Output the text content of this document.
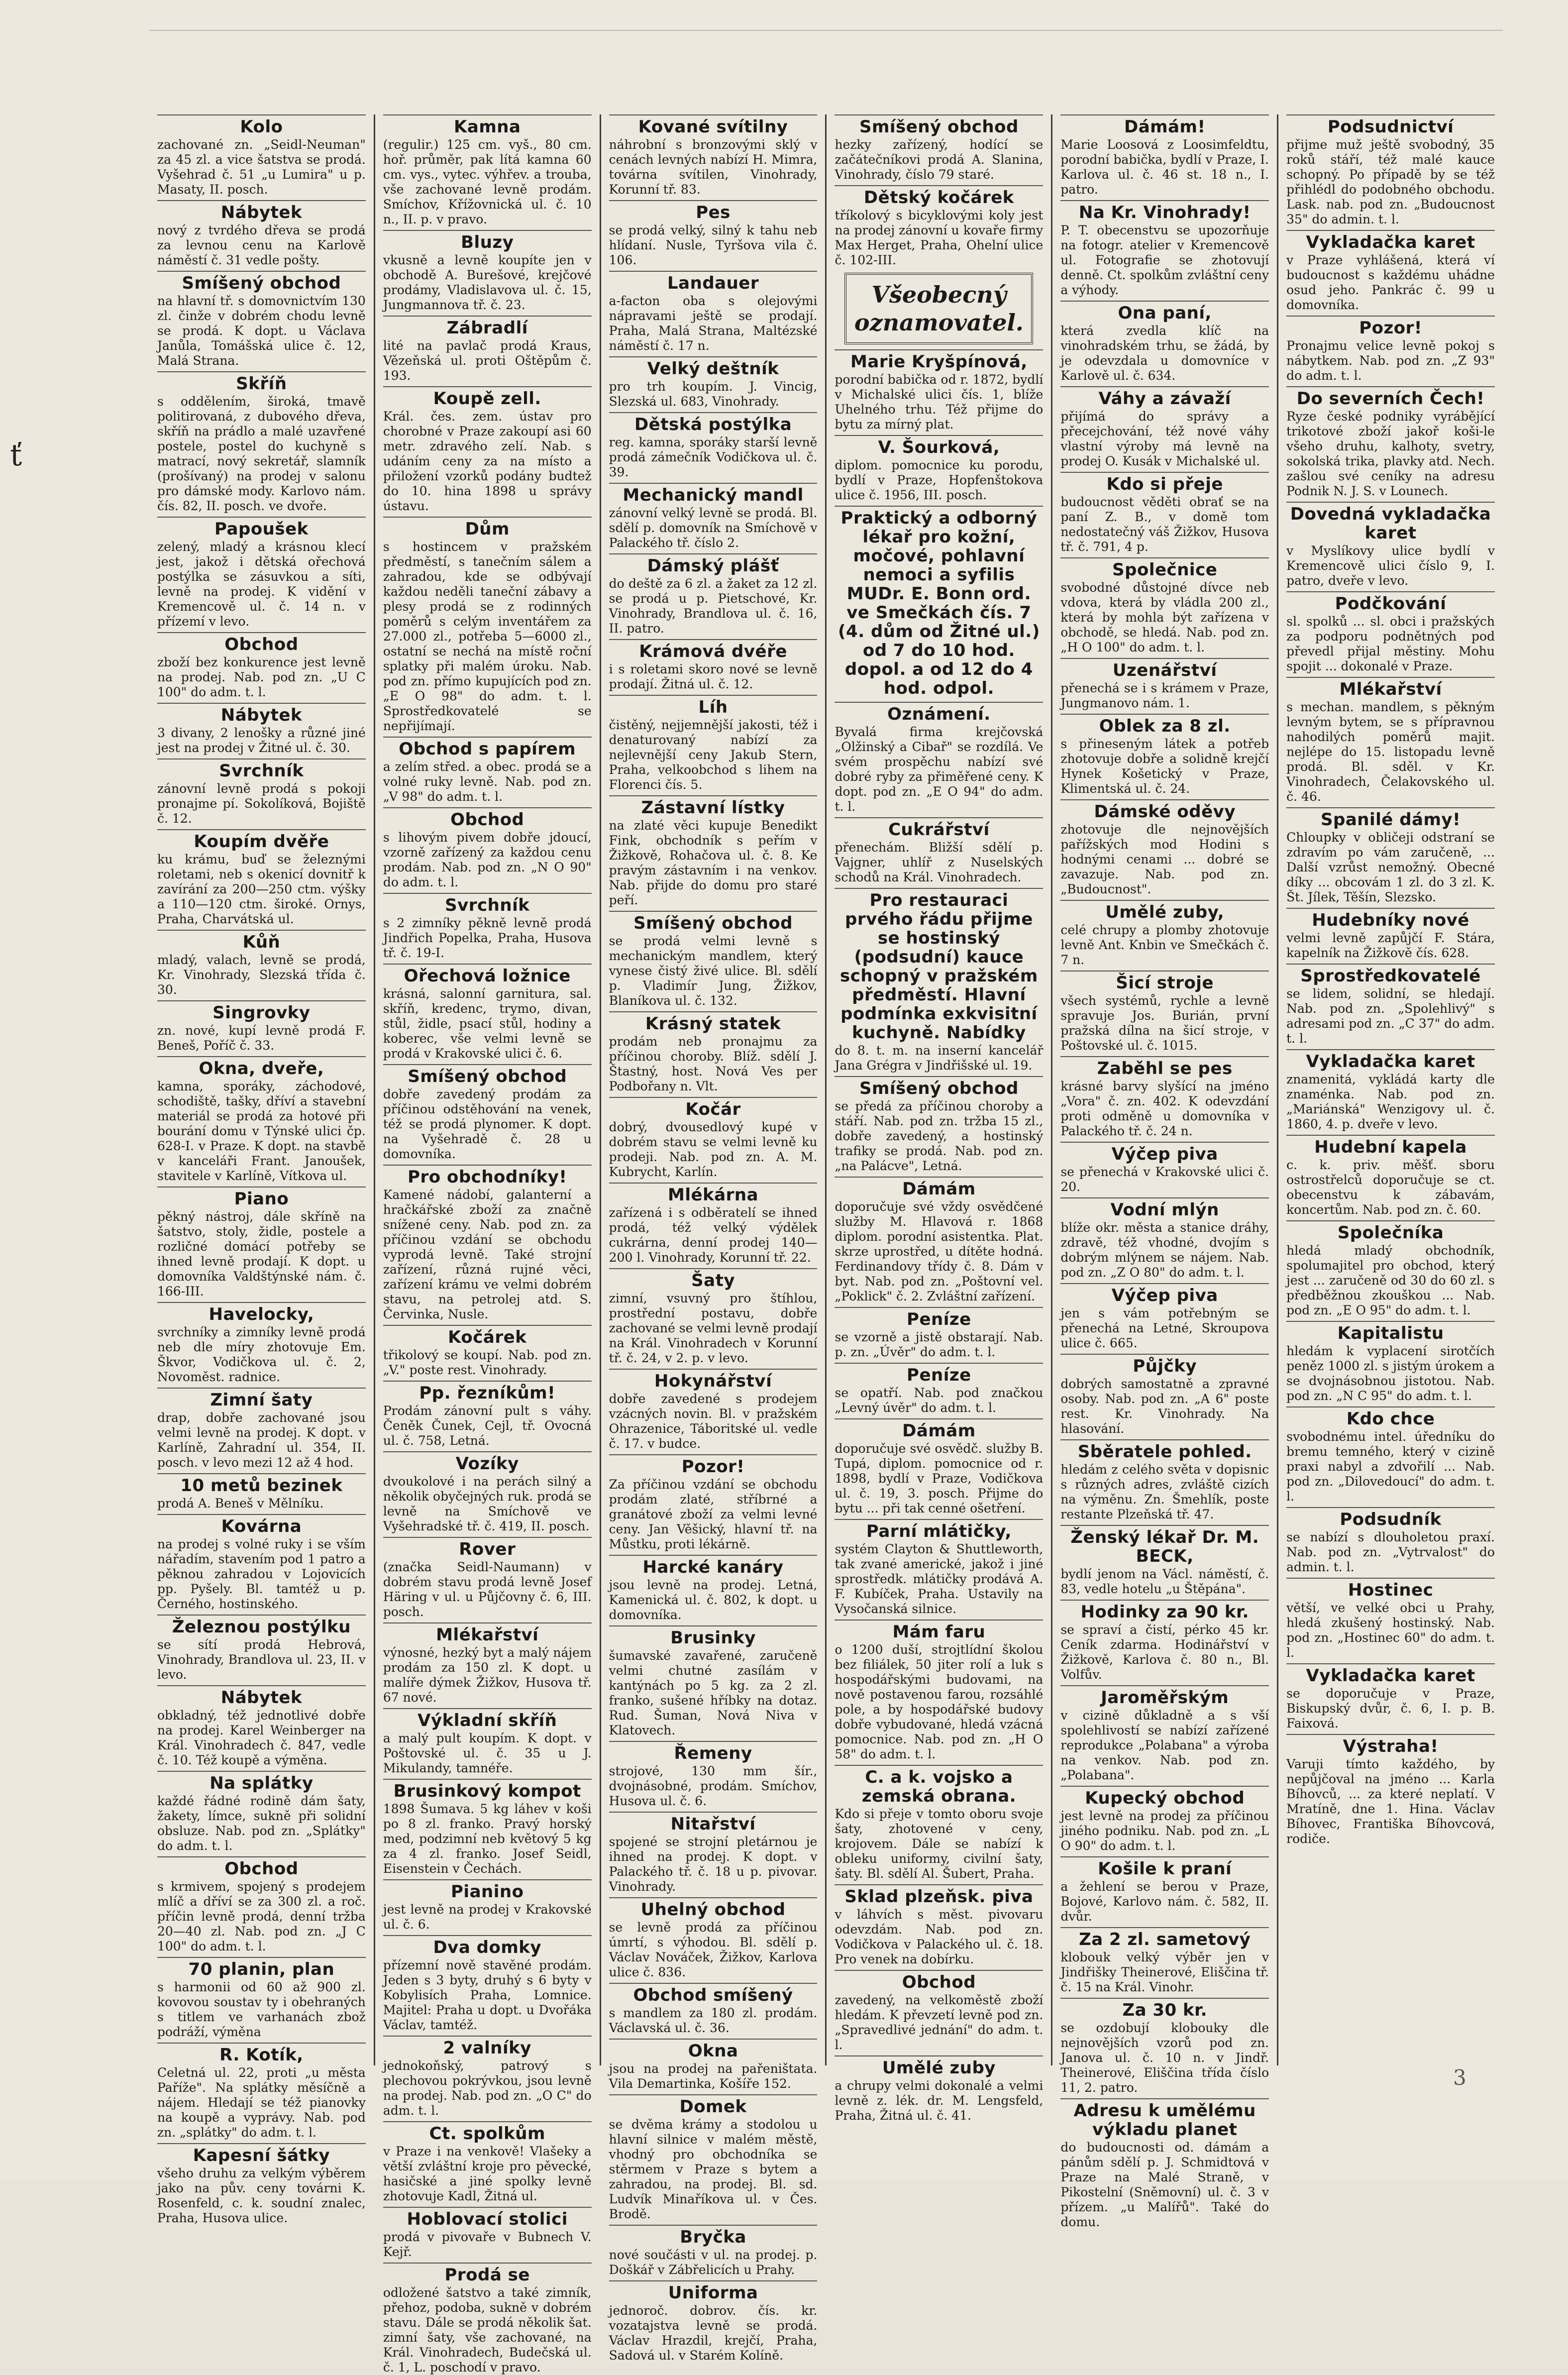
ť
Kolo

zachované zn. „Seidl-Neuman" za 45 zl. a vice šatstva se prodá. Vyšehrad č. 51 „u Lumira" u p. Masaty, II. posch.

Nábytek

nový z tvrdého dřeva se prodá za levnou cenu na Karlově náměstí č. 31 vedle pošty.

Smíšený obchod

na hlavní tř. s domovnictvím 130 zl. činže v dobrém chodu levně se prodá. K dopt. u Václava Janůla, Tomášská ulice č. 12, Malá Strana.

Skříň

s oddělením, široká, tmavě politirovaná, z dubového dřeva, skříň na prádlo a malé uzavřené postele, postel do kuchyně s matrací, nový sekretář, slamník (prošívaný) na prodej v salonu pro dámské mody. Karlovo nám. čís. 82, II. posch. ve dvoře.

Papoušek

zelený, mladý a krásnou klecí jest, jakož i dětská ořechová postýlka se zásuvkou a síti, levně na prodej. K vidění v Kremencově ul. č. 14 n. v přízemí v levo.

Obchod

zboží bez konkurence jest levně na prodej. Nab. pod zn. „U C 100" do adm. t. l.

Nábytek

3 divany, 2 lenošky a různé jiné jest na prodej v Žitné ul. č. 30.

Svrchník

zánovní levně prodá s pokoji pronajme pí. Sokolíková, Bojiště č. 12.

Koupím dvěře

ku krámu, buď se železnými roletami, neb s okenicí dovnitř k zavírání za 200—250 ctm. výšky a 110—120 ctm. široké. Ornys, Praha, Charvátská ul.

Kůň

mladý, valach, levně se prodá, Kr. Vinohrady, Slezská třída č. 30.

Singrovky

zn. nové, kupí levně prodá F. Beneš, Poříč č. 33.

Okna, dveře,

kamna, sporáky, záchodové, schodiště, tašky, dříví a stavební materiál se prodá za hotové při bourání domu v Týnské ulici čp. 628-I. v Praze. K dopt. na stavbě v kanceláři Frant. Janoušek, stavitele v Karlíně, Vítkova ul.

Piano

pěkný nástroj, dále skříně na šatstvo, stoly, židle, postele a rozličné domácí potřeby se ihned levně prodají. K dopt. u domovníka Valdštýnské nám. č. 166-III.

Havelocky,

svrchníky a zimníky levně prodá neb dle míry zhotovuje Em. Škvor, Vodičkova ul. č. 2, Novoměst. radnice.

Zimní šaty

drap, dobře zachované jsou velmi levně na prodej. K dopt. v Karlíně, Zahradní ul. 354, II. posch. v levo mezi 12 až 4 hod.

10 metů bezinek

prodá A. Beneš v Mělníku.

Kovárna

na prodej s volné ruky i se vším nářadím, stavením pod 1 patro a pěknou zahradou v Lojovicích pp. Pyšely. Bl. tamtéž u p. Černého, hostinského.

Železnou postýlku

se sítí prodá Hebrová, Vinohrady, Brandlova ul. 23, II. v levo.

Nábytek

obkladný, též jednotlivé dobře na prodej. Karel Weinberger na Král. Vinohradech č. 847, vedle č. 10. Též koupě a výměna.

Na splátky

každé řádné rodině dám šaty, žakety, límce, sukně při solidní obsluze. Nab. pod zn. „Splátky" do adm. t. l.

Obchod

s krmivem, spojený s prodejem mlíč a dříví se za 300 zl. a roč. příčin levně prodá, denní tržba 20—40 zl. Nab. pod zn. „J C 100" do adm. t. l.

70 planin, plan

s harmonii od 60 až 900 zl. kovovou soustav ty i obehraných s titlem ve varhanách zbož podráží, výměna

R. Kotík,

Celetná ul. 22, proti „u města Paříže". Na splátky měsíčně a nájem. Hledají se též pianovky na koupě a vyprávy. Nab. pod zn. „splátky" do adm. t. l.

Kapesní šátky

všeho druhu za velkým výběrem jako na pův. ceny továrni K. Rosenfeld, c. k. soudní znalec, Praha, Husova ulice.

Kamna

(regulir.) 125 cm. vyš., 80 cm. hoř. průměr, pak lítá kamna 60 cm. vys., vytec. výhřev. a trouba, vše zachované levně prodám. Smíchov, Křížovnická ul. č. 10 n., II. p. v pravo.

Bluzy

vkusně a levně koupíte jen v obchodě A. Burešové, krejčové prodámy, Vladislavova ul. č. 15, Jungmannova tř. č. 23.

Zábradlí

lité na pavlač prodá Kraus, Vězeňská ul. proti Oštěpům č. 193.

Koupě zell.

Král. čes. zem. ústav pro chorobné v Praze zakoupí asi 60 metr. zdravého zelí. Nab. s udáním ceny za na místo a přiložení vzorků podány budtež do 10. hina 1898 u správy ústavu.

Dům

s hostincem v pražském předměstí, s tanečním sálem a zahradou, kde se odbývají každou neděli taneční zábavy a plesy prodá se z rodinných poměrů s celým inventářem za 27.000 zl., potřeba 5—6000 zl., ostatní se nechá na místě roční splatky při malém úroku. Nab. pod zn. přímo kupujících pod zn. „E O 98" do adm. t. l. Sprostředkovatelé se nepřijímají.

Obchod s papírem

a zelím střed. a obec. prodá se a volné ruky levně. Nab. pod zn. „V 98" do adm. t. l.

Obchod

s lihovým pivem dobře jdoucí, vzorně zařízený za každou cenu prodám. Nab. pod zn. „N O 90" do adm. t. l.

Svrchník

s 2 zimníky pěkně levně prodá Jindřich Popelka, Praha, Husova tř. č. 19-I.

Ořechová ložnice

krásná, salonní garnitura, sal. skříň, kredenc, trymo, divan, stůl, židle, psací stůl, hodiny a koberec, vše velmi levně se prodá v Krakovské ulici č. 6.

Smíšený obchod

dobře zavedený prodám za příčinou odstěhování na venek, též se prodá plynomer. K dopt. na Vyšehradě č. 28 u domovníka.

Pro obchodníky!

Kamené nádobí, galanterní a hračkářské zboží za značně snížené ceny. Nab. pod zn. za příčinou vzdání se obchodu vyprodá levně. Také strojní zařízení, různá rujné věci, zařízení krámu ve velmi dobrém stavu, na petrolej atd. S. Červinka, Nusle.

Kočárek

třikolový se koupí. Nab. pod zn. „V." poste rest. Vinohrady.

Pp. řezníkům!

Prodám zánovní pult s váhy. Čeněk Čunek, Cejl, tř. Ovocná ul. č. 758, Letná.

Vozíky

dvoukolové i na perách silný a několik obyčejných ruk. prodá se levně na Smíchově ve Vyšehradské tř. č. 419, II. posch.

Rover

(značka Seidl-Naumann) v dobrém stavu prodá levně Josef Häring v ul. u Půjčovny č. 6, III. posch.

Mlékařství

výnosné, hezký byt a malý nájem prodám za 150 zl. K dopt. u malíře dýmek Žižkov, Husova tř. 67 nové.

Výkladní skříň

a malý pult koupím. K dopt. v Poštovské ul. č. 35 u J. Mikulandy, tamnéře.

Brusinkový kompot

1898 Šumava. 5 kg láhev v koši po 8 zl. franko. Pravý horský med, podzimní neb květový 5 kg za 4 zl. franko. Josef Seidl, Eisenstein v Čechách.

Pianino

jest levně na prodej v Krakovské ul. č. 6.

Dva domky

přízemní nově stavěné prodám. Jeden s 3 byty, druhý s 6 byty v Kobylisích Praha, Lomnice. Majitel: Praha u dopt. u Dvořáka Václav, tamtéž.

2 valníky

jednokoňský, patrový s plechovou pokrývkou, jsou levně na prodej. Nab. pod zn. „O C" do adm. t. l.

Ct. spolkům

v Praze i na venkově! Vlašeky a větší zvláštní kroje pro pěvecké, hasičské a jiné spolky levně zhotovuje Kadl, Žitná ul.

Hoblovací stolici

prodá v pivovaře v Bubnech V. Kejř.

Prodá se

odložené šatstvo a také zimník, přehoz, podoba, sukně v dobrém stavu. Dále se prodá několik šat. zimní šaty, vše zachované, na Král. Vinohradech, Budečská ul. č. 1, L. poschodí v pravo.

Kované svítilny

náhrobní s bronzovými sklý v cenách levných nabízí H. Mimra, továrna svítilen, Vinohrady, Korunní tř. 83.

Pes

se prodá velký, silný k tahu neb hlídaní. Nusle, Tyršova vila č. 106.

Landauer

a-facton oba s olejovými nápravami ještě se prodají. Praha, Malá Strana, Maltézské náměstí č. 17 n.

Velký deštník

pro trh koupím. J. Vincig, Slezská ul. 683, Vinohrady.

Dětská postýlka

reg. kamna, sporáky starší levně prodá zámečník Vodičkova ul. č. 39.

Mechanický mandl

zánovní velký levně se prodá. Bl. sdělí p. domovník na Smíchově v Palackého tř. číslo 2.

Dámský plášť

do deště za 6 zl. a žaket za 12 zl. se prodá u p. Pietschové, Kr. Vinohrady, Brandlova ul. č. 16, II. patro.

Krámová dvéře

i s roletami skoro nové se levně prodají. Žitná ul. č. 12.

Líh

čistěný, nejjemnější jakosti, též i denaturovaný nabízí za nejlevnější ceny Jakub Stern, Praha, velkoobchod s lihem na Florenci čís. 5.

Zástavní lístky

na zlaté věci kupuje Benedikt Fink, obchodník s peřím v Žižkově, Rohačova ul. č. 8. Ke pravým zástavním i na venkov. Nab. přijde do domu pro staré peří.

Smíšený obchod

se prodá velmi levně s mechanickým mandlem, který vynese čistý živé ulice. Bl. sdělí p. Vladimír Jung, Žižkov, Blaníkova ul. č. 132.

Krásný statek

prodám neb pronajmu za příčinou choroby. Blíž. sdělí J. Štastný, host. Nová Ves per Podbořany n. Vlt.

Kočár

dobrý, dvousedlový kupé v dobrém stavu se velmi levně ku prodeji. Nab. pod zn. A. M. Kubrycht, Karlín.

Mlékárna

zařízená i s odběratelí se ihned prodá, též velký výdělek cukrárna, denní prodej 140—200 l. Vinohrady, Korunní tř. 22.

Šaty

zimní, vsuvný pro štíhlou, prostřední postavu, dobře zachované se velmi levně prodají na Král. Vinohradech v Korunní tř. č. 24, v 2. p. v levo.

Hokynářství

dobře zavedené s prodejem vzácných novin. Bl. v pražském Ohrazenice, Táboritské ul. vedle č. 17. v budce.

Pozor!

Za příčinou vzdání se obchodu prodám zlaté, stříbrné a granátové zboží za velmi levné ceny. Jan Věšický, hlavní tř. na Můstku, proti lékárně.

Harcké kanáry

jsou levně na prodej. Letná, Kamenická ul. č. 802, k dopt. u domovníka.

Brusinky

šumavské zavařené, zaručeně velmi chutné zasílám v kantýnách po 5 kg. za 2 zl. franko, sušené hříbky na dotaz. Rud. Šuman, Nová Niva v Klatovech.

Řemeny

strojové, 130 mm šír., dvojnásobné, prodám. Smíchov, Husova ul. č. 6.

Nitařství

spojené se strojní pletárnou je ihned na prodej. K dopt. v Palackého tř. č. 18 u p. pivovar. Vinohrady.

Uhelný obchod

se levně prodá za příčinou úmrtí, s výhodou. Bl. sdělí p. Václav Nováček, Žižkov, Karlova ulice č. 836.

Obchod smíšený

s mandlem za 180 zl. prodám. Václavská ul. č. 36.

Okna

jsou na prodej na pařeništata. Vila Demartinka, Košíře 152.

Domek

se dvěma krámy a stodolou u hlavní silnice v malém městě, vhodný pro obchodníka se stěrmem v Praze s bytem a zahradou, na prodej. Bl. sd. Ludvík Minaříkova ul. v Čes. Brodě.

Bryčka

nové součásti v ul. na prodej. p. Doškář v Zábřelicích u Prahy.

Uniforma

jednoroč. dobrov. čís. kr. vozatajstva levně se prodá. Václav Hrazdil, krejčí, Praha, Sadová ul. v Starém Kolíně.

Smíšený obchod

hezky zařízený, hodící se začátečníkovi prodá A. Slanina, Vinohrady, číslo 79 staré.

Dětský kočárek

tříkolový s bicyklovými koly jest na prodej zánovní u kovaře firmy Max Herget, Praha, Ohelní ulice č. 102-III.

Všeobecný oznamovatel.
Marie Kryšpínová,

porodní babička od r. 1872, bydlí v Michalské ulici čís. 1, blíže Uhelného trhu. Též přijme do bytu za mírný plat.

V. Šourková,

diplom. pomocnice ku porodu, bydlí v Praze, Hopfenštokova ulice č. 1956, III. posch.

Praktický a odborný lékař pro kožní, močové, pohlavní nemoci a syfilis MUDr. E. Bonn ord. ve Smečkách čís. 7 (4. dům od Žitné ul.) od 7 do 10 hod. dopol. a od 12 do 4 hod. odpol.
Oznámení.

Byvalá firma krejčovská „Olžinský a Cibař" se rozdílá. Ve svém prospěchu nabízí své dobré ryby za přiměřené ceny. K dopt. pod zn. „E O 94" do adm. t. l.

Cukrářství

přenechám. Bližší sdělí p. Vajgner, uhlíř z Nuselských schodů na Král. Vinohradech.

Pro restauraci prvého řádu přijme se hostinský (podsudní) kauce schopný v pražském předměstí. Hlavní podmínka exkvisitní kuchyně. Nabídky

do 8. t. m. na inserní kancelář Jana Grégra v Jindřišské ul. 19.

Smíšený obchod

se předá za příčinou choroby a stáří. Nab. pod zn. tržba 15 zl., dobře zavedený, a hostinský trafiky se prodá. Nab. pod zn. „na Palácve", Letná.

Dámám

doporučuje své vždy osvědčené služby M. Hlavová r. 1868 diplom. porodní asistentka. Plat. skrze uprostřed, u dítěte hodná. Ferdinandovy třídy č. 8. Dám v byt. Nab. pod zn. „Poštovní vel. „Poklick" č. 2. Zvláštní zařízení.

Peníze

se vzorně a jistě obstarají. Nab. p. zn. „Úvěr" do adm. t. l.

Peníze

se opatří. Nab. pod značkou „Levný úvěr" do adm. t. l.

Dámám

doporučuje své osvědč. služby B. Tupá, diplom. pomocnice od r. 1898, bydlí v Praze, Vodičkova ul. č. 19, 3. posch. Přijme do bytu ... při tak cenné ošetření.

Parní mlátičky,

systém Clayton & Shuttleworth, tak zvané americké, jakož i jiné sprostředk. mlátičky prodává A. F. Kubíček, Praha. Ustavily na Vysočanská silnice.

Mám faru

o 1200 duší, strojtlídní školou bez filiálek, 50 jiter rolí a luk s hospodářskými budovami, na nově postavenou farou, rozsáhlé pole, a by hospodářské budovy dobře vybudované, hledá vzácná pomocnice. Nab. pod zn. „H O 58" do adm. t. l.

C. a k. vojsko a zemská obrana.

Kdo si přeje v tomto oboru svoje šaty, zhotovené v ceny, krojovem. Dále se nabízí k obleku uniformy, civilní šaty, šaty. Bl. sdělí Al. Šubert, Praha.

Sklad plzeňsk. piva

v láhvích s měst. pivovaru odevzdám. Nab. pod zn. Vodičkova v Palackého ul. č. 18. Pro venek na dobírku.

Obchod

zavedený, na velkoměstě zboží hledám. K převzetí levně pod zn. „Spravedlivé jednání" do adm. t. l.

Umělé zuby

a chrupy velmi dokonalé a velmi levně z. lék. dr. M. Lengsfeld, Praha, Žitná ul. č. 41.

Dámám!

Marie Loosová z Loosimfeldtu, porodní babička, bydlí v Praze, I. Karlova ul. č. 46 st. 18 n., I. patro.

Na Kr. Vinohrady!

P. T. obecenstvu se upozorňuje na fotogr. atelier v Kremencově ul. Fotografie se zhotovují denně. Ct. spolkům zvláštní ceny a výhody.

Ona paní,

která zvedla klíč na vinohradském trhu, se žádá, by je odevzdala u domovníce v Karlově ul. č. 634.

Váhy a závaží

přijímá do správy a přecejchování, též nové váhy vlastní výroby má levně na prodej O. Kusák v Michalské ul.

Kdo si přeje

budoucnost věděti obrať se na paní Z. B., v domě tom nedostatečný váš Žižkov, Husova tř. č. 791, 4 p.

Společnice

svobodné důstojné dívce neb vdova, která by vládla 200 zl., která by mohla být zařízena v obchodě, se hledá. Nab. pod zn. „H O 100" do adm. t. l.

Uzenářství

přenechá se i s krámem v Praze, Jungmanovo nám. 1.

Oblek za 8 zl.

s přineseným látek a potřeb zhotovuje dobře a solidně krejčí Hynek Košetický v Praze, Klimentská ul. č. 24.

Dámské oděvy

zhotovuje dle nejnovějších pařížských mod Hodini s hodnými cenami ... dobré se zavazuje. Nab. pod zn. „Budoucnost".

Umělé zuby,

celé chrupy a plomby zhotovuje levně Ant. Knbin ve Smečkách č. 7 n.

Šicí stroje

všech systémů, rychle a levně spravuje Jos. Burián, první pražská dílna na šicí stroje, v Poštovské ul. č. 1015.

Zaběhl se pes

krásné barvy slyšící na jméno „Vora" č. zn. 402. K odevzdání proti odměně u domovníka v Palackého tř. č. 24 n.

Výčep piva

se přenechá v Krakovské ulici č. 20.

Vodní mlýn

blíže okr. města a stanice dráhy, zdravě, též vhodné, dvojím s dobrým mlýnem se nájem. Nab. pod zn. „Z O 80" do adm. t. l.

Výčep piva

jen s vám potřebným se přenechá na Letné, Skroupova ulice č. 665.

Půjčky

dobrých samostatně a zpravné osoby. Nab. pod zn. „A 6" poste rest. Kr. Vinohrady. Na hlasování.

Sběratele pohled.

hledám z celého světa v dopisnic s různých adres, zvláště cizích na výměnu. Zn. Šmehlík, poste restante Plzeňská tř. 47.

Ženský lékař Dr. M. BECK,

bydlí jenom na Václ. náměstí, č. 83, vedle hotelu „u Štěpána".

Hodinky za 90 kr.

se spraví a čistí, pérko 45 kr. Ceník zdarma. Hodinářství v Žižkově, Karlova č. 80 n., Bl. Volfův.

Jaroměřským

v cizině důkladně a s vší spolehlivostí se nabízí zařízené reprodukce „Polabana" a výroba na venkov. Nab. pod zn. „Polabana".

Kupecký obchod

jest levně na prodej za příčinou jiného podniku. Nab. pod zn. „L O 90" do adm. t. l.

Košile k praní

a žehlení se berou v Praze, Bojové, Karlovo nám. č. 582, II. dvůr.

Za 2 zl. sametový

klobouk velký výběr jen v Jindřišky Theinerové, Eliščina tř. č. 15 na Král. Vinohr.

Za 30 kr.

se ozdobují klobouky dle nejnovějších vzorů pod zn. Janova ul. č. 10 n. v Jindř. Theinerové, Eliščina třída číslo 11, 2. patro.

Adresu k umělému výkladu planet

do budoucnosti od. dámám a pánům sdělí p. J. Schmidtová v Praze na Malé Straně, v Pikostelní (Sněmovní) ul. č. 3 v přízem. „u Malířů". Také do domu.

Podsudnictví

přijme muž ještě svobodný, 35 roků stáří, též malé kauce schopný. Po případě by se též přihlédl do podobného obchodu. Lask. nab. pod zn. „Budoucnost 35" do admin. t. l.

Vykladačka karet

v Praze vyhlášená, která ví budoucnost s každému uhádne osud jeho. Pankrác č. 99 u domovníka.

Pozor!

Pronajmu velice levně pokoj s nábytkem. Nab. pod zn. „Z 93" do adm. t. l.

Do severních Čech!

Ryze české podniky vyrábějící trikotové zboží jakoř koši-le všeho druhu, kalhoty, svetry, sokolská trika, plavky atd. Nech. zašlou své ceníky na adresu Podnik N. J. S. v Lounech.

Dovedná vykladačka karet

v Myslíkovy ulice bydlí v Kremencově ulici číslo 9, I. patro, dveře v levo.

Podčkování

sl. spolků ... sl. obci i pražských za podporu podnětných pod převedl přijal městiny. Mohu spojit ... dokonalé v Praze.

Mlékařství

s mechan. mandlem, s pěkným levným bytem, se s přípravnou nahodilých poměrů majit. nejlépe do 15. listopadu levně prodá. Bl. sděl. v Kr. Vinohradech, Čelakovského ul. č. 46.

Spanilé dámy!

Chloupky v obličeji odstraní se zdravím po vám zaručeně, ... Další vzrůst nemožný. Obecné díky ... obcovám 1 zl. do 3 zl. K. Št. Jílek, Těšín, Slezsko.

Hudebníky nové

velmi levně zapůjčí F. Stára, kapelník na Žižkově čís. 628.

Sprostředkovatelé

se lidem, solidní, se hledají. Nab. pod zn. „Spolehlivý" s adresami pod zn. „C 37" do adm. t. l.

Vykladačka karet

znamenitá, vykládá karty dle znaménka. Nab. pod zn. „Mariánská" Wenzigovy ul. č. 1860, 4. p. dveře v levo.

Hudební kapela

c. k. priv. měšť. sboru ostrostřelců doporučuje se ct. obecenstvu k zábavám, koncertům. Nab. pod zn. č. 60.

Společníka

hledá mladý obchodník, spolumajitel pro obchod, který jest ... zaručeně od 30 do 60 zl. s předběžnou zkouškou ... Nab. pod zn. „E O 95" do adm. t. l.

Kapitalistu

hledám k vyplacení sirotčích peněz 1000 zl. s jistým úrokem a se dvojnásobnou jistotou. Nab. pod zn. „N C 95" do adm. t. l.

Kdo chce

svobodnému intel. úředníku do bremu temného, který v cizině praxi nabyl a zdvořilí ... Nab. pod zn. „Dilovedoucí" do adm. t. l.

Podsudník

se nabízí s dlouholetou praxí. Nab. pod zn. „Vytrvalost" do admin. t. l.

Hostinec

větší, ve velké obci u Prahy, hledá zkušený hostinský. Nab. pod zn. „Hostinec 60" do adm. t. l.

Vykladačka karet

se doporučuje v Praze, Biskupský dvůr, č. 6, I. p. B. Faixová.

Výstraha!

Varuji tímto každého, by nepůjčoval na jméno ... Karla Bíhovců, ... za které neplatí. V Mratíně, dne 1. Hina. Václav Bíhovec, Františka Bíhovcová, rodiče.

3
